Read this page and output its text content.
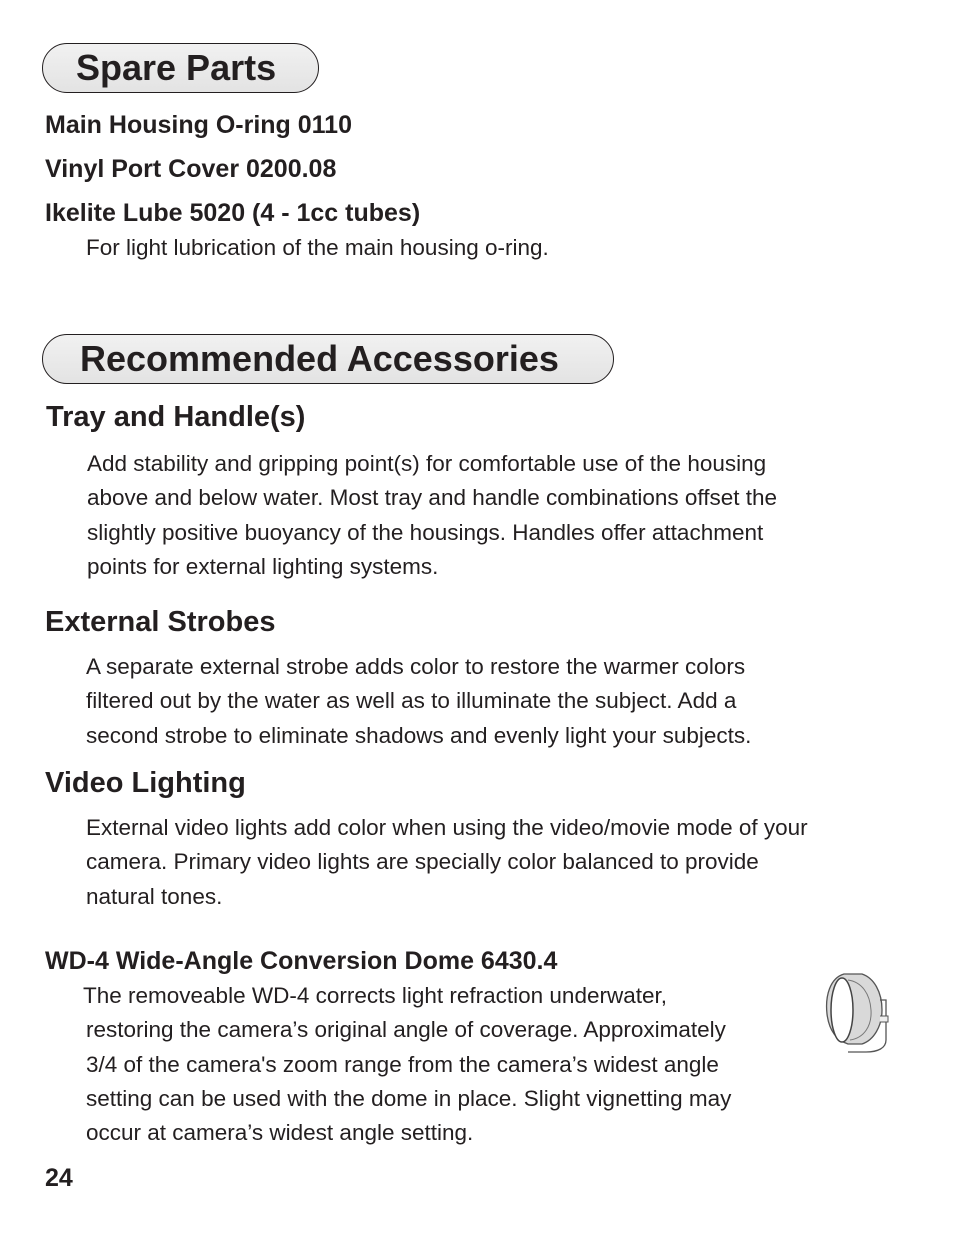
Spare Parts
Main Housing O-ring 0110
Vinyl Port Cover 0200.08
Ikelite Lube 5020 (4 - 1cc tubes)

For light lubrication of the main housing o-ring.

Recommended Accessories
Tray and Handle(s)

Add stability and gripping point(s) for comfortable use of the housing

above and below water. Most tray and handle combinations offset the

slightly positive buoyancy of the housings. Handles offer attachment

points for external lighting systems.

External Strobes

A separate external strobe adds color to restore the warmer colors

filtered out by the water as well as to illuminate the subject. Add a

second strobe to eliminate shadows and evenly light your subjects.

Video Lighting

External video lights add color when using the video/movie mode of your

camera. Primary video lights are specially color balanced to provide

natural tones.

WD-4 Wide-Angle Conversion Dome 6430.4

The removeable WD-4 corrects light refraction underwater,

restoring the camera’s original angle of coverage. Approximately

3/4 of the camera's zoom range from the camera’s widest angle

setting can be used with the dome in place. Slight vignetting may

occur at camera’s widest angle setting.

24
